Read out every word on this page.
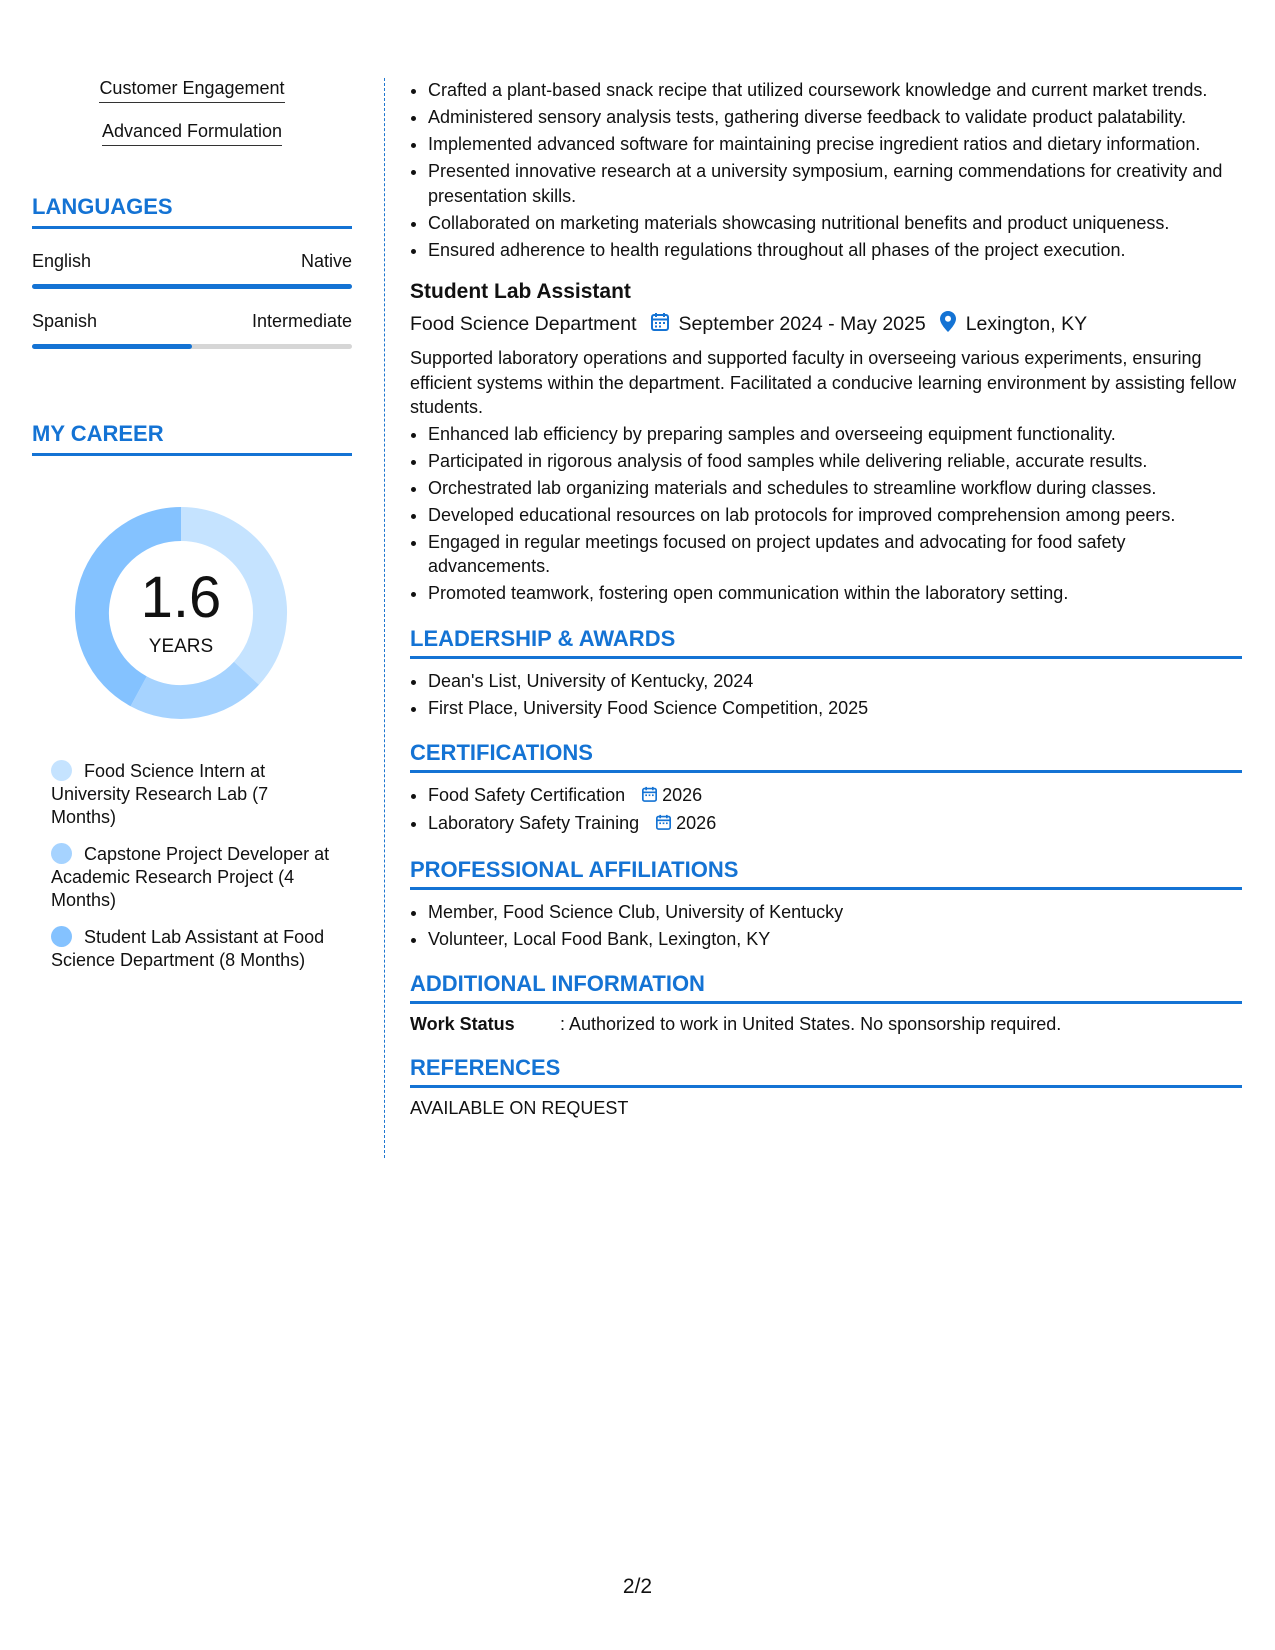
Customer Engagement
Advanced Formulation
LANGUAGES
English	Native
Spanish	Intermediate
MY CAREER
1.6
YEARS
Food Science Intern at University Research Lab (7 Months)
Capstone Project Developer at Academic Research Project (4 Months)
Student Lab Assistant at Food Science Department (8 Months)
• Crafted a plant-based snack recipe that utilized coursework knowledge and current market trends.
• Administered sensory analysis tests, gathering diverse feedback to validate product palatability.
• Implemented advanced software for maintaining precise ingredient ratios and dietary information.
• Presented innovative research at a university symposium, earning commendations for creativity and presentation skills.
• Collaborated on marketing materials showcasing nutritional benefits and product uniqueness.
• Ensured adherence to health regulations throughout all phases of the project execution.
Student Lab Assistant
Food Science Department September 2024 - May 2025 Lexington, KY
Supported laboratory operations and supported faculty in overseeing various experiments, ensuring efficient systems within the department. Facilitated a conducive learning environment by assisting fellow students.
• Enhanced lab efficiency by preparing samples and overseeing equipment functionality.
• Participated in rigorous analysis of food samples while delivering reliable, accurate results.
• Orchestrated lab organizing materials and schedules to streamline workflow during classes.
• Developed educational resources on lab protocols for improved comprehension among peers.
• Engaged in regular meetings focused on project updates and advocating for food safety advancements.
• Promoted teamwork, fostering open communication within the laboratory setting.
LEADERSHIP & AWARDS
• Dean's List, University of Kentucky, 2024
• First Place, University Food Science Competition, 2025
CERTIFICATIONS
• Food Safety Certification 2026
• Laboratory Safety Training 2026
PROFESSIONAL AFFILIATIONS
• Member, Food Science Club, University of Kentucky
• Volunteer, Local Food Bank, Lexington, KY
ADDITIONAL INFORMATION
Work Status	: Authorized to work in United States. No sponsorship required.
REFERENCES
AVAILABLE ON REQUEST
2/2
